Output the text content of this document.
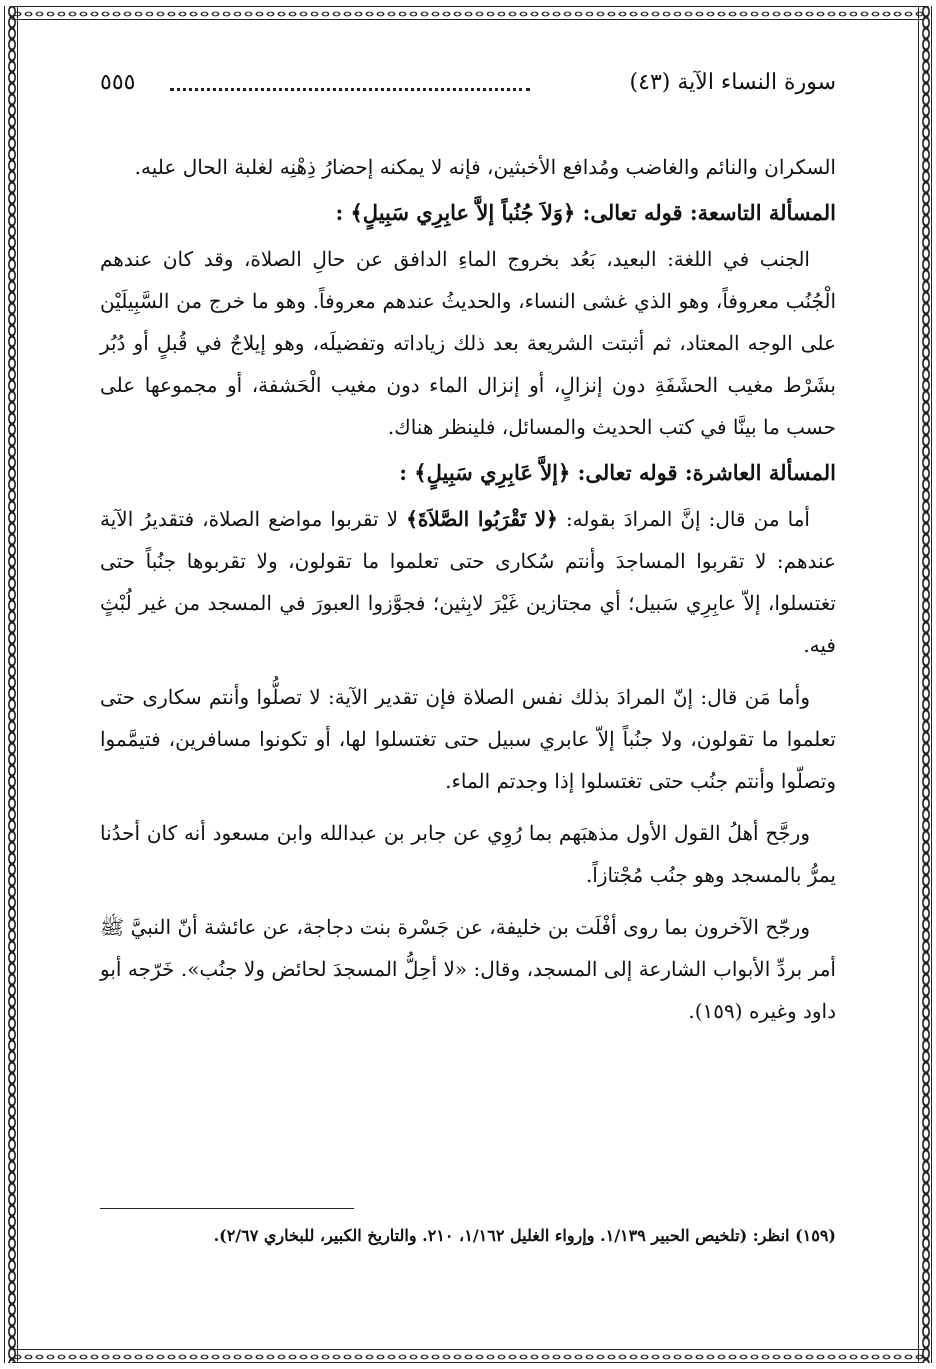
سورة النساء الآية (٤٣)
٥٥٥

السكران والنائم والغاضب ومُدافع الأخبثين، فإنه لا يمكنه إحضارُ ذِهْنِه لغلبة الحال عليه.

المسألة التاسعة: قوله تعالى: ﴿وَلاَ جُنُباً إلاَّ عابِرِي سَبِيلٍ﴾ :

الجنب في اللغة: البعيد، بَعُد بخروج الماءِ الدافق عن حالِ الصلاة، وقد كان عندهم الْجُنُب معروفاً، وهو الذي غشى النساء، والحديثُ عندهم معروفاً. وهو ما خرج من السَّبِيلَيْن على الوجه المعتاد، ثم أثبتت الشريعة بعد ذلك زياداته وتفضيلَه، وهو إيلاجٌ في قُبلٍ أو دُبُر بشَرْط مغيب الحشَفَةِ دون إنزالٍ، أو إنزال الماء دون مغيب الْحَشفة، أو مجموعها على حسب ما بينَّا في كتب الحديث والمسائل، فلينظر هناك.

المسألة العاشرة: قوله تعالى: ﴿إلاَّ عَابِرِي سَبِيلٍ﴾ :

أما من قال: إنَّ المرادَ بقوله: ﴿لا تَقْرَبُوا الصَّلاَةَ﴾ لا تقربوا مواضع الصلاة، فتقديرُ الآية عندهم: لا تقربوا المساجدَ وأنتم سُكارى حتى تعلموا ما تقولون، ولا تقربوها جنُباً حتى تغتسلوا، إلاّ عابِرِي سَبيل؛ أي مجتازين غَيْرَ لابِثين؛ فجوَّزوا العبورَ في المسجد من غير لُبْثٍ فيه.

وأما مَن قال: إنّ المرادَ بذلك نفس الصلاة فإن تقدير الآية: لا تصلُّوا وأنتم سكارى حتى تعلموا ما تقولون، ولا جنُباً إلاّ عابري سبيل حتى تغتسلوا لها، أو تكونوا مسافرين، فتيمَّموا وتصلّوا وأنتم جنُب حتى تغتسلوا إذا وجدتم الماء.

ورجَّح أهلُ القول الأول مذهبَهم بما رُوِي عن جابر بن عبدالله وابن مسعود أنه كان أحدُنا يمرُّ بالمسجد وهو جنُب مُجْتازاً.

ورجّح الآخرون بما روى أفْلَت بن خليفة، عن جَسْرة بنت دجاجة، عن عائشة أنّ النبيَّ ﷺ أمر بردِّ الأبواب الشارعة إلى المسجد، وقال: «لا أحِلُّ المسجدَ لحائض ولا جنُب». خَرّجه أبو داود وغيره (١٥٩).

(١٥٩) انظر: (تلخيص الحبير ١/١٣٩. وإرواء الغليل ١/١٦٢، ٢١٠. والتاريخ الكبير، للبخاري ٢/٦٧).
